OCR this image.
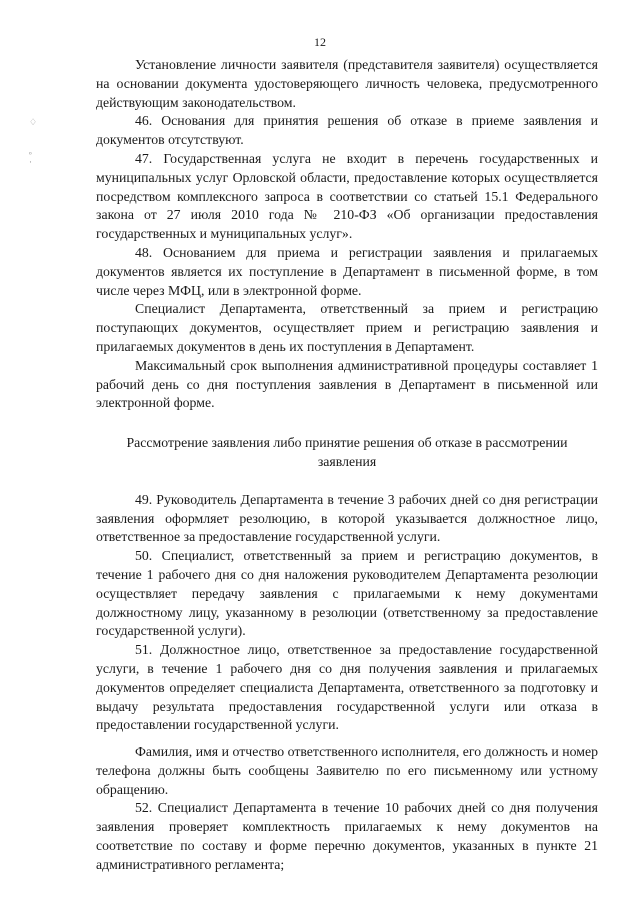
12
♢
ᵒ
·

Установление личности заявителя (представителя заявителя) осуществляется на основании документа удостоверяющего личность человека, предусмотренного действующим законодательством.

46. Основания для принятия решения об отказе в приеме заявления и документов отсутствуют.

47. Государственная услуга не входит в перечень государственных и муниципальных услуг Орловской области, предоставление которых осуществляется посредством комплексного запроса в соответствии со статьей 15.1 Федерального закона от 27 июля 2010 года № 210-ФЗ «Об организации предоставления государственных и муниципальных услуг».

48. Основанием для приема и регистрации заявления и прилагаемых документов является их поступление в Департамент в письменной форме, в том числе через МФЦ, или в электронной форме.

Специалист Департамента, ответственный за прием и регистрацию поступающих документов, осуществляет прием и регистрацию заявления и прилагаемых документов в день их поступления в Департамент.

Максимальный срок выполнения административной процедуры составляет 1 рабочий день со дня поступления заявления в Департамент в письменной или электронной форме.

Рассмотрение заявления либо принятие решения об отказе в рассмотрении заявления

49. Руководитель Департамента в течение 3 рабочих дней со дня регистрации заявления оформляет резолюцию, в которой указывается должностное лицо, ответственное за предоставление государственной услуги.

50. Специалист, ответственный за прием и регистрацию документов, в течение 1 рабочего дня со дня наложения руководителем Департамента резолюции осуществляет передачу заявления с прилагаемыми к нему документами должностному лицу, указанному в резолюции (ответственному за предоставление государственной услуги).

51. Должностное лицо, ответственное за предоставление государственной услуги, в течение 1 рабочего дня со дня получения заявления и прилагаемых документов определяет специалиста Департамента, ответственного за подготовку и выдачу результата предоставления государственной услуги или отказа в предоставлении государственной услуги.

Фамилия, имя и отчество ответственного исполнителя, его должность и номер телефона должны быть сообщены Заявителю по его письменному или устному обращению.

52. Специалист Департамента в течение 10 рабочих дней со дня получения заявления проверяет комплектность прилагаемых к нему документов на соответствие по составу и форме перечню документов, указанных в пункте 21 административного регламента;
